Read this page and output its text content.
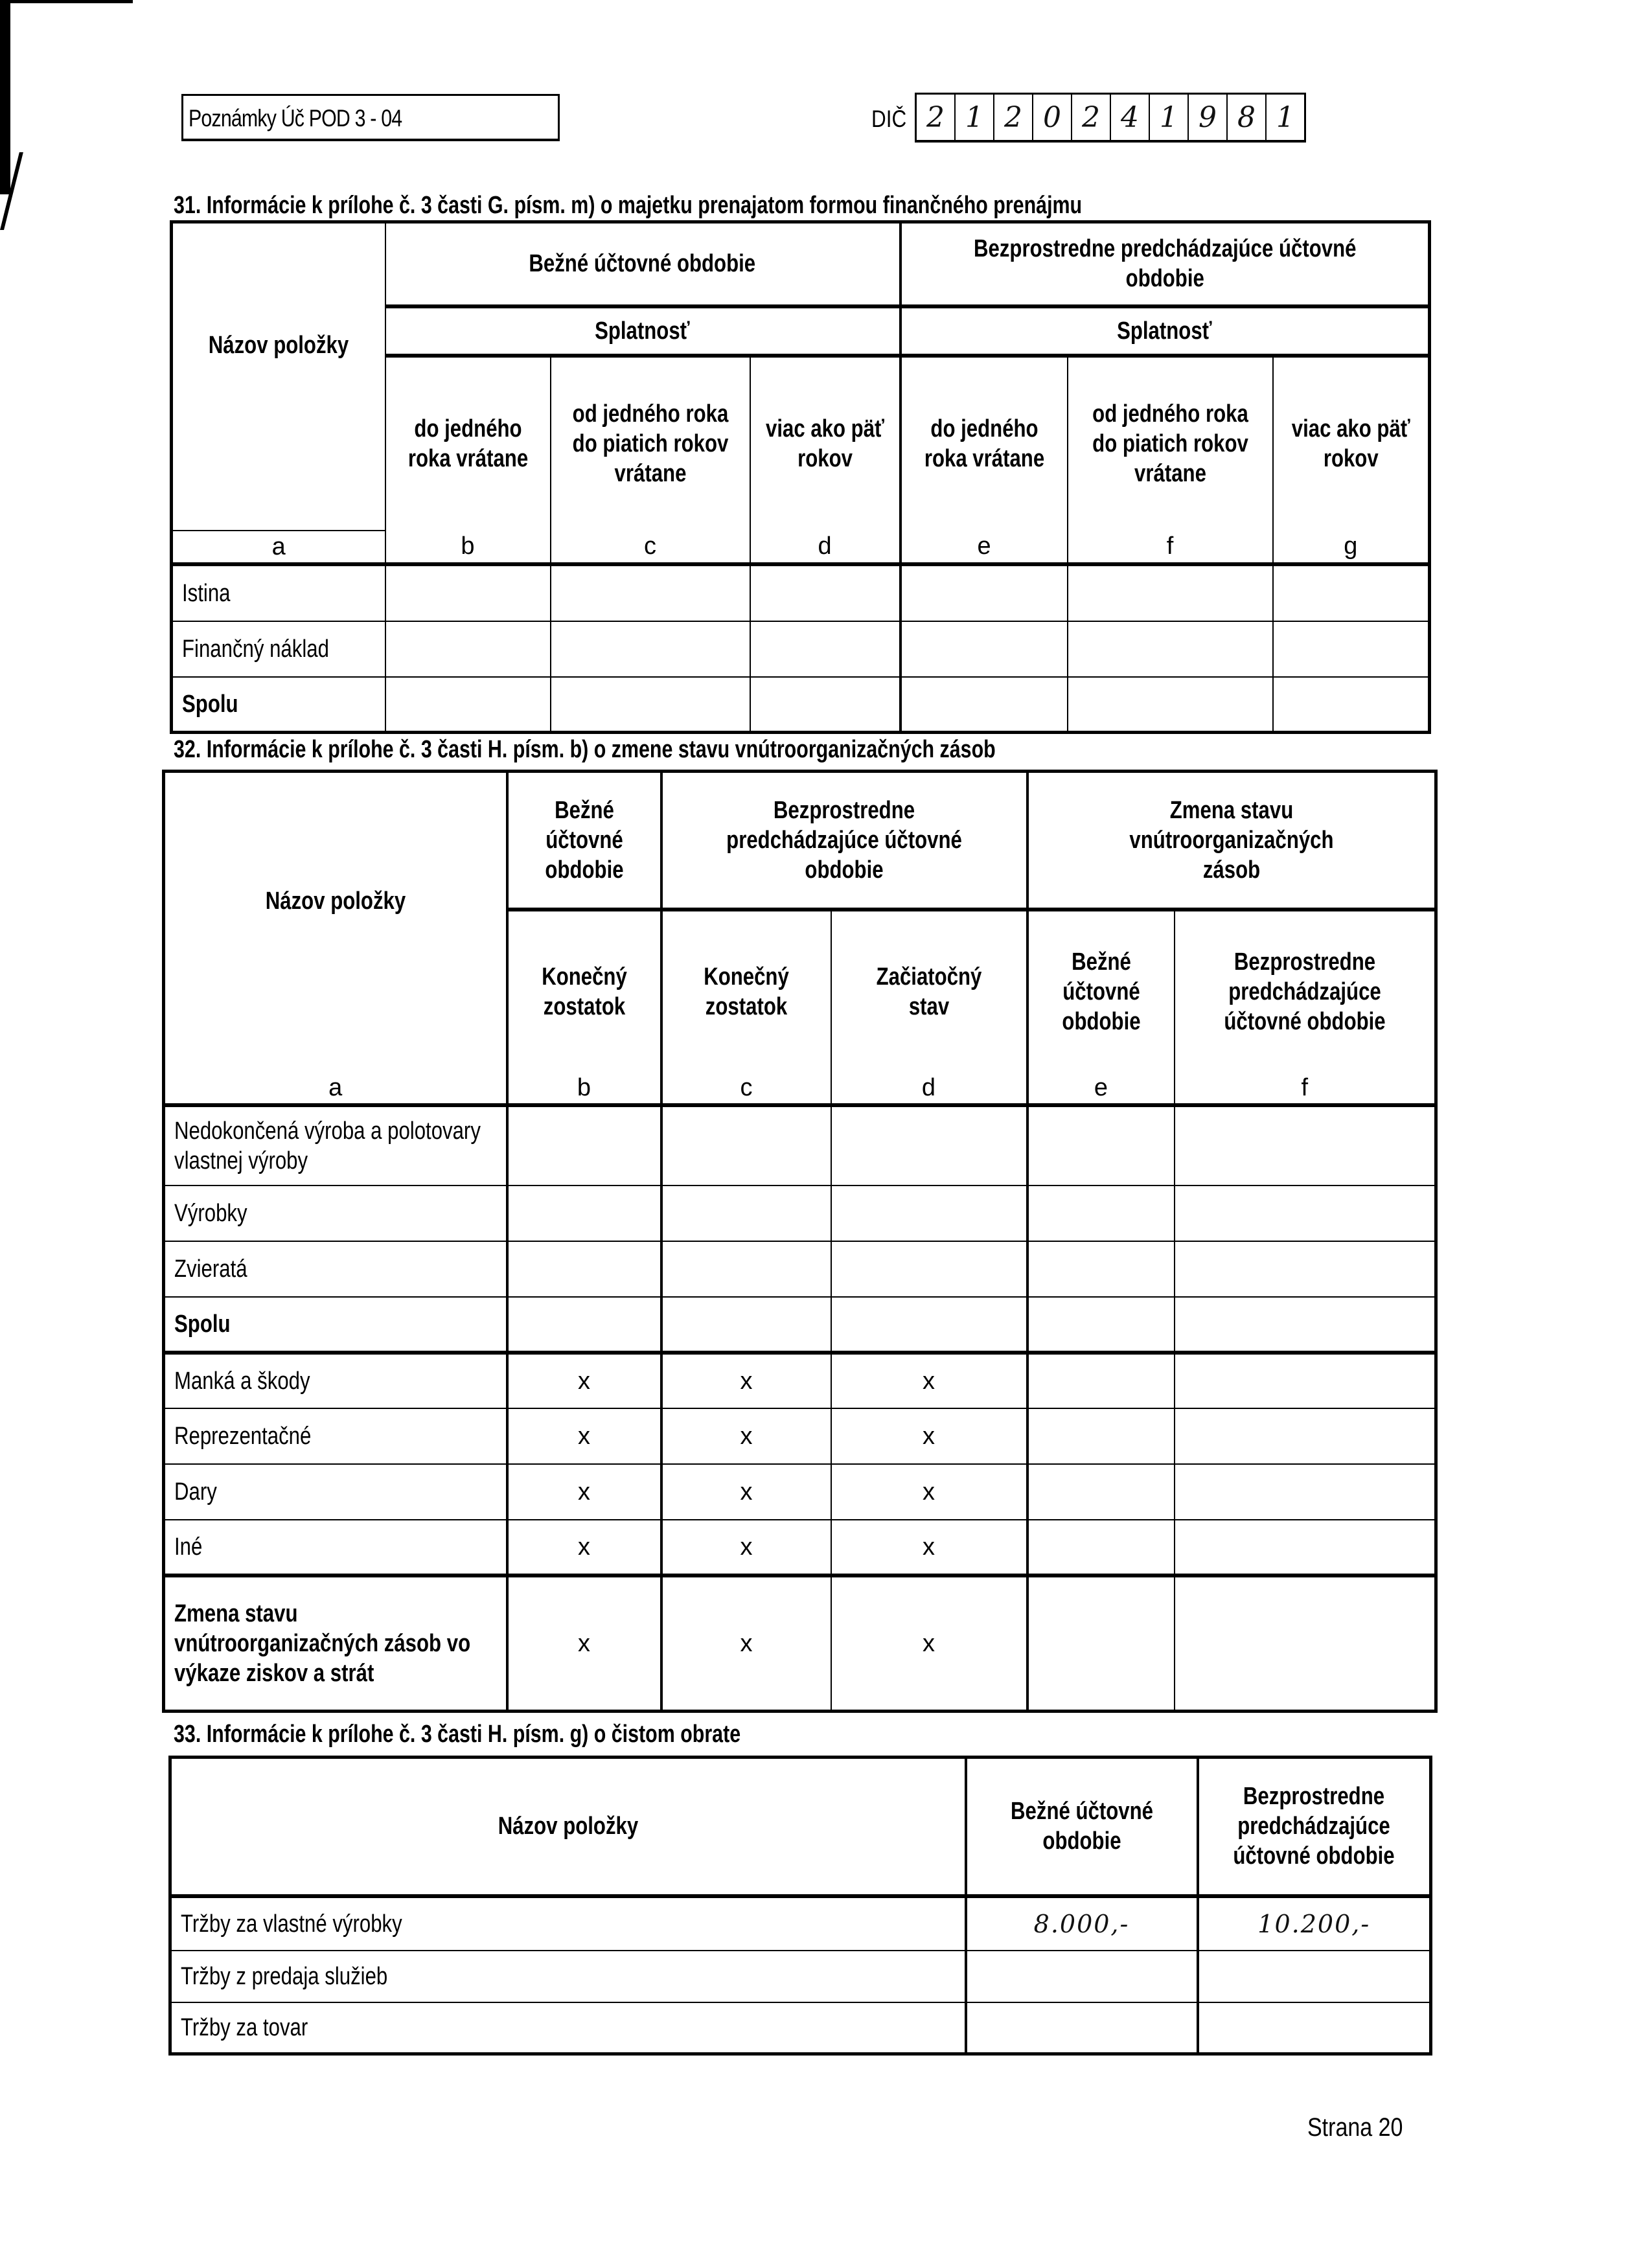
Poznámky Úč POD 3 - 04	DIČ 2 1 2 0 2 4 1 9 8 1
31. Informácie k prílohe č. 3 časti G. písm. m) o majetku prenajatom formou finančného prenájmu
Názov položky	Bežné účtovné obdobie			Bezprostredne predchádzajúce účtovné obdobie		
	Splatnosť			Splatnosť		
	do jedného roka vrátane	od jedného roka do piatich rokov vrátane	viac ako päť rokov	do jedného roka vrátane	od jedného roka do piatich rokov vrátane	viac ako päť rokov
a	b	c	d	e	f	g
Istina						
Finančný náklad						
Spolu						
32. Informácie k prílohe č. 3 časti H. písm. b) o zmene stavu vnútroorganizačných zásob
Názov položky	Bežné účtovné obdobie	Bezprostredne predchádzajúce účtovné obdobie		Zmena stavu vnútroorganizačných zásob	
	Konečný zostatok	Konečný zostatok	Začiatočný stav	Bežné účtovné obdobie	Bezprostredne predchádzajúce účtovné obdobie
a	b	c	d	e	f
Nedokončená výroba a polotovary vlastnej výroby					
Výrobky					
Zvieratá					
Spolu					
Manká a škody	x	x	x		
Reprezentačné	x	x	x		
Dary	x	x	x		
Iné	x	x	x		
Zmena stavu vnútroorganizačných zásob vo výkaze ziskov a strát	x	x	x		
33. Informácie k prílohe č. 3 časti H. písm. g) o čistom obrate
Názov položky	Bežné účtovné obdobie	Bezprostredne predchádzajúce účtovné obdobie
Tržby za vlastné výrobky	8.000,-	10.200,-
Tržby z predaja služieb		
Tržby za tovar		
Strana 20
